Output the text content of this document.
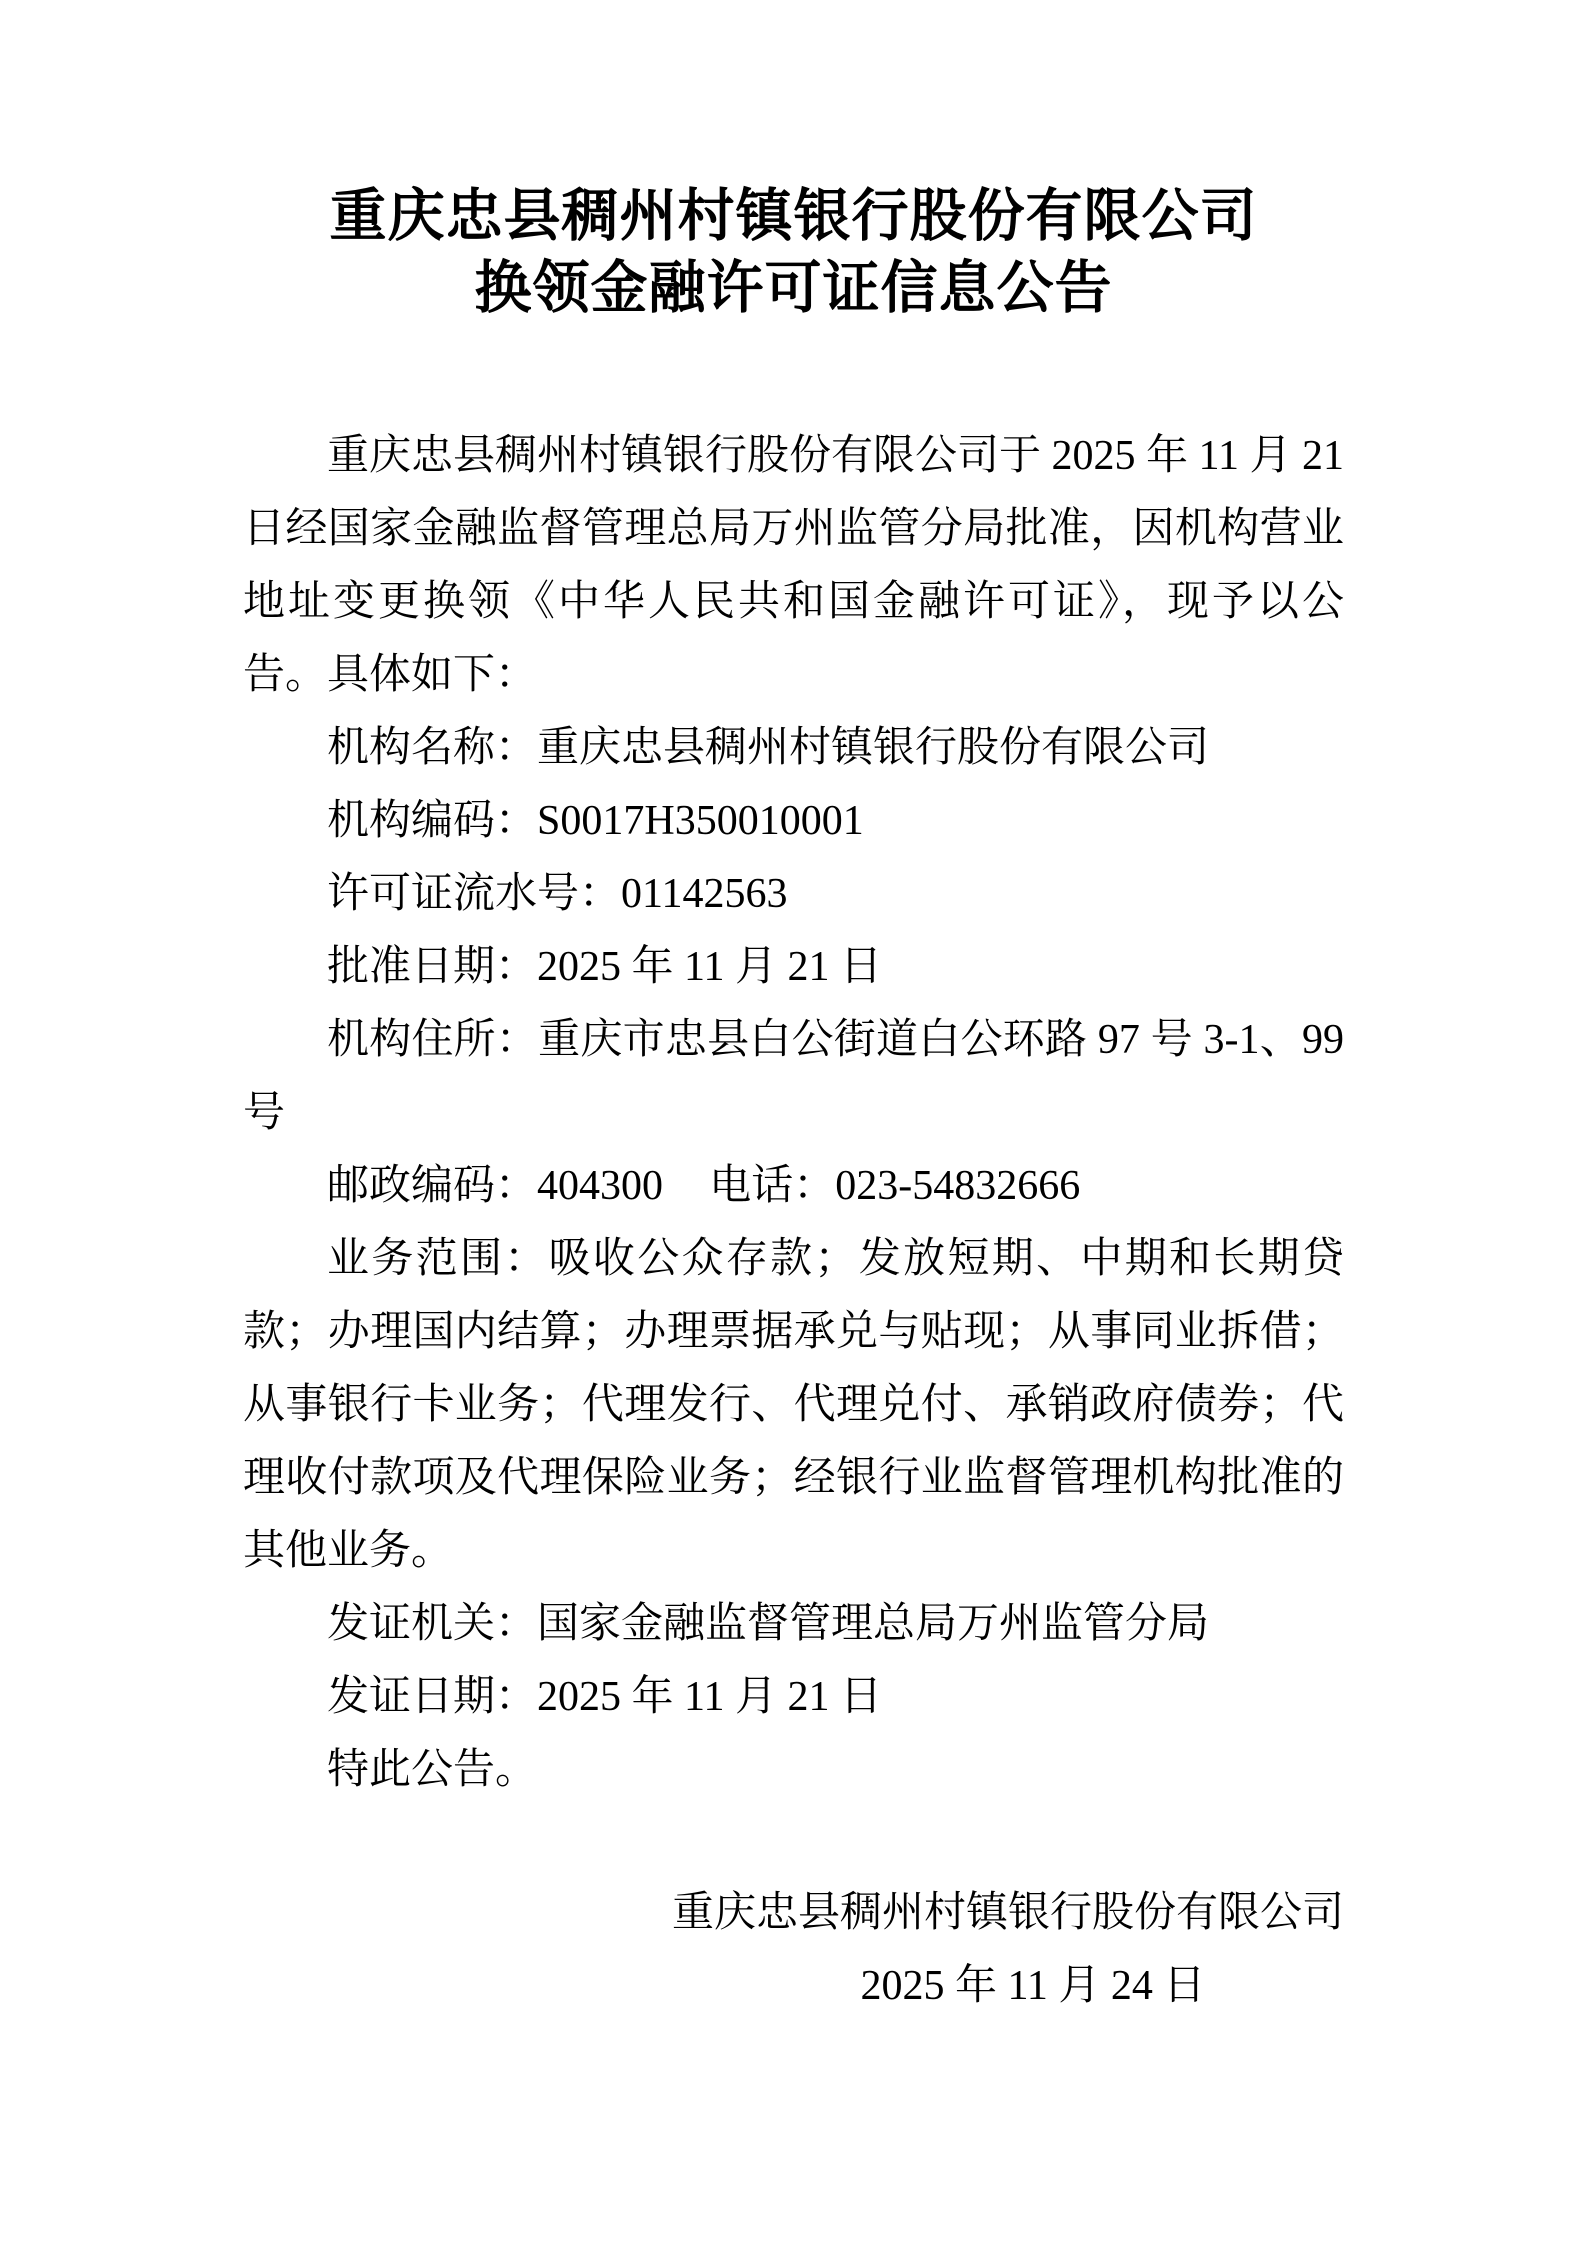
重庆忠县稠州村镇银行股份有限公司
换领金融许可证信息公告

重庆忠县稠州村镇银行股份有限公司于 2025 年 11 月 21 日经国家金融监督管理总局万州监管分局批准，因机构营业地址变更换领《中华人民共和国金融许可证》，现予以公告。具体如下：

机构名称：重庆忠县稠州村镇银行股份有限公司

机构编码：S0017H350010001

许可证流水号：01142563

批准日期：2025 年 11 月 21 日

机构住所：重庆市忠县白公街道白公环路 97 号 3-1、99 号

邮政编码：404300 电话：023-54832666

业务范围：吸收公众存款；发放短期、中期和长期贷款；办理国内结算；办理票据承兑与贴现；从事同业拆借；从事银行卡业务；代理发行、代理兑付、承销政府债券；代理收付款项及代理保险业务；经银行业监督管理机构批准的其他业务。

发证机关：国家金融监督管理总局万州监管分局

发证日期：2025 年 11 月 21 日

特此公告。

重庆忠县稠州村镇银行股份有限公司

2025 年 11 月 24 日
